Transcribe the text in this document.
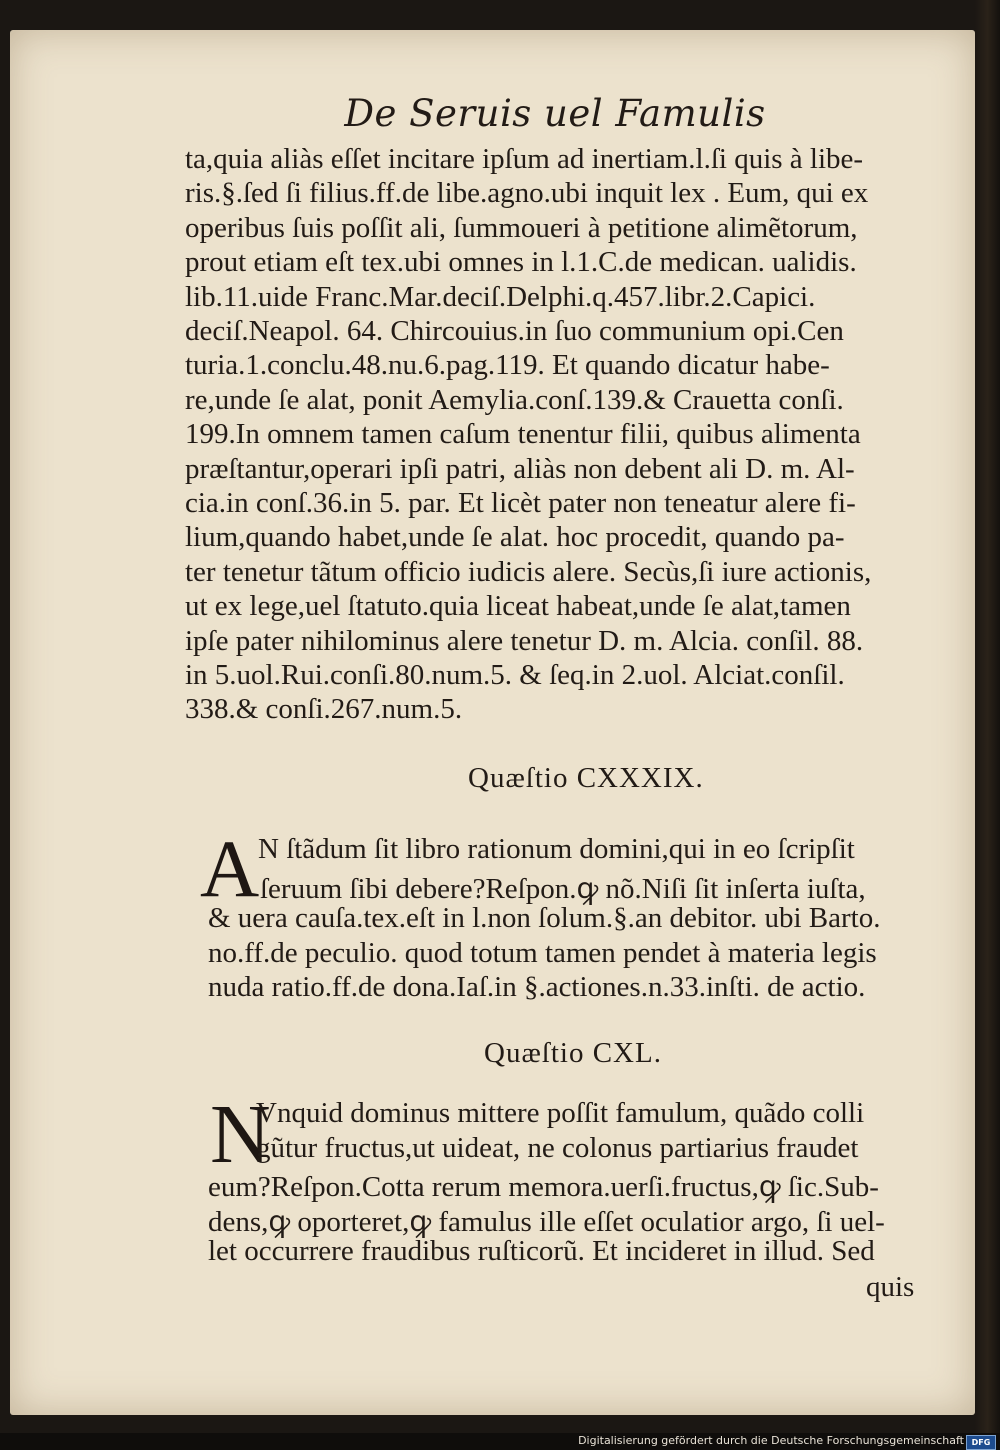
De Seruis uel Famulis
ta,quia aliàs eſſet incitare ipſum ad inertiam.l.ſi quis à libe-
ris.§.ſed ſi filius.ff.de libe.agno.ubi inquit lex . Eum, qui ex
operibus ſuis poſſit ali, ſummoueri à petitione alimẽtorum,
prout etiam eſt tex.ubi omnes in l.1.C.de medican. ualidis.
lib.11.uide Franc.Mar.deciſ.Delphi.q.457.libr.2.Capici.
deciſ.Neapol. 64. Chircouius.in ſuo communium opi.Cen
turia.1.conclu.48.nu.6.pag.119. Et quando dicatur habe-
re,unde ſe alat, ponit Aemylia.conſ.139.& Crauetta conſi.
199.In omnem tamen caſum tenentur filii, quibus alimenta
præſtantur,operari ipſi patri, aliàs non debent ali D. m. Al-
cia.in conſ.36.in 5. par. Et licèt pater non teneatur alere fi-
lium,quando habet,unde ſe alat. hoc procedit, quando pa-
ter tenetur tãtum officio iudicis alere. Secùs,ſi iure actionis,
ut ex lege,uel ſtatuto.quia liceat habeat,unde ſe alat,tamen
ipſe pater nihilominus alere tenetur D. m. Alcia. conſil. 88.
in 5.uol.Rui.conſi.80.num.5. & ſeq.in 2.uol. Alciat.conſil.
338.& conſi.267.num.5.
Quæſtio CXXXIX.
A
N ſtãdum ſit libro rationum domini,qui in eo ſcripſit
ſeruum ſibi debere?Reſpon.ꝙ nõ.Niſi ſit inſerta iuſta,
& uera cauſa.tex.eſt in l.non ſolum.§.an debitor. ubi Barto.
no.ff.de peculio. quod totum tamen pendet à materia legis
nuda ratio.ff.de dona.Iaſ.in §.actiones.n.33.inſti. de actio.
Quæſtio CXL.
N
Vnquid dominus mittere poſſit famulum, quãdo colli
gũtur fructus,ut uideat, ne colonus partiarius fraudet
eum?Reſpon.Cotta rerum memora.uerſi.fructus,ꝙ ſic.Sub-
dens,ꝙ oporteret,ꝙ famulus ille eſſet oculatior argo, ſi uel-
let occurrere fraudibus ruſticorũ. Et incideret in illud. Sed
quis
Digitalisierung gefördert durch die Deutsche Forschungsgemeinschaft DFG
